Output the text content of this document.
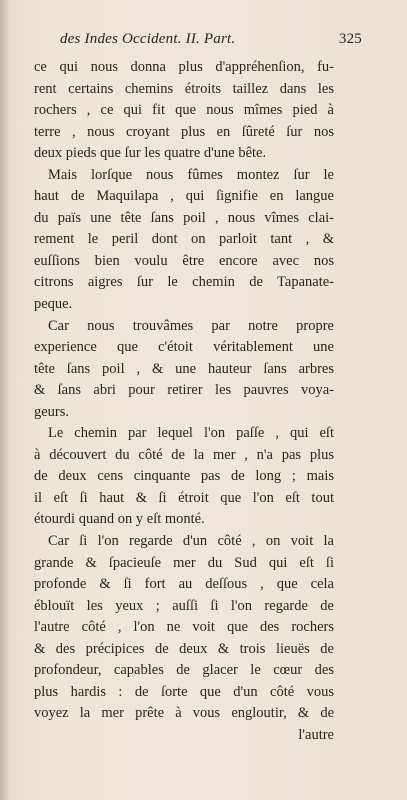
des Indes Occident. II. Part.	325
ce qui nous donna plus d'appréhenſion, fu-
rent certains chemins étroits taillez dans les
rochers , ce qui fit que nous mîmes pied à
terre , nous croyant plus en ſûreté ſur nos
deux pieds que ſur les quatre d'une bête.
Mais lorſque nous fûmes montez ſur le
haut de Maquilapa , qui ſignifie en langue
du païs une tête ſans poil , nous vîmes clai-
rement le peril dont on parloit tant , &
euſſions bien voulu être encore avec nos
citrons aigres ſur le chemin de Tapanate-
peque.
Car nous trouvâmes par notre propre
experience que c'étoit véritablement une
tête ſans poil , & une hauteur ſans arbres
& ſans abri pour retirer les pauvres voya-
geurs.
Le chemin par lequel l'on paſſe , qui eſt
à découvert du côté de la mer , n'a pas plus
de deux cens cinquante pas de long ; mais
il eſt ſi haut & ſi étroit que l'on eſt tout
étourdi quand on y eſt monté.
Car ſi l'on regarde d'un côté , on voit la
grande & ſpacieuſe mer du Sud qui eſt ſi
profonde & ſi fort au deſſous , que cela
éblouït les yeux ; auſſi ſi l'on regarde de
l'autre côté , l'on ne voit que des rochers
& des précipices de deux & trois lieuës de
profondeur, capables de glacer le cœur des
plus hardis : de ſorte que d'un côté vous
voyez la mer prête à vous engloutir, & de
l'autre
